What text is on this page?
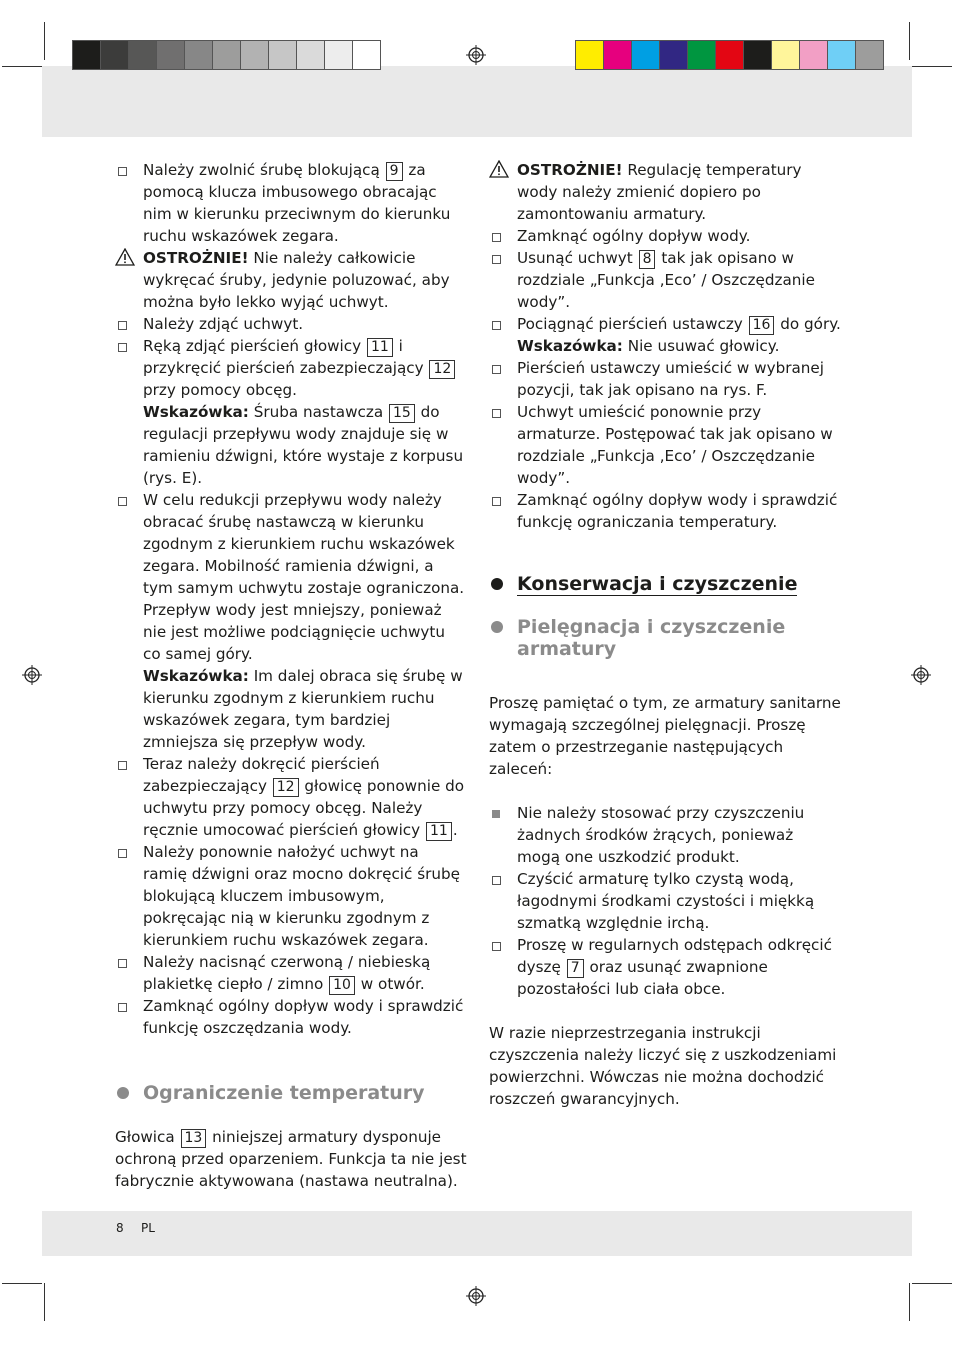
Należy zwolnić śrubę blokującą 9 za pomocą klucza imbusowego obracając nim w kierunku przeciwnym do kierunku ruchu wskazówek zegara.
OSTROŻNIE! Nie należy całkowicie wykręcać śruby, jedynie poluzować, aby można było lekko wyjąć uchwyt.
Należy zdjąć uchwyt.
Ręką zdjąć pierścień głowicy 11 i przykręcić pierścień zabezpieczający 12 przy pomocy obcęg.
Wskazówka: Śruba nastawcza 15 do regulacji przepływu wody znajduje się w ramieniu dźwigni, które wystaje z korpusu (rys. E).
W celu redukcji przepływu wody należy obracać śrubę nastawczą w kierunku zgodnym z kierunkiem ruchu wskazówek zegara. Mobilność ramienia dźwigni, a tym samym uchwytu zostaje ograniczona. Przepływ wody jest mniejszy, ponieważ nie jest możliwe podciągnięcie uchwytu co samej góry.
Wskazówka: Im dalej obraca się śrubę w kierunku zgodnym z kierunkiem ruchu wskazówek zegara, tym bardziej zmniejsza się przepływ wody.
Teraz należy dokręcić pierścień zabezpieczający 12 głowicę ponownie do uchwytu przy pomocy obcęg. Należy ręcznie umocować pierścień głowicy 11 .
Należy ponownie nałożyć uchwyt na ramię dźwigni oraz mocno dokręcić śrubę blokującą kluczem imbusowym, pokręcając nią w kierunku zgodnym z kierunkiem ruchu wskazówek zegara.
Należy nacisnąć czerwoną / niebieską plakietkę ciepło / zimno 10 w otwór.
Zamknąć ogólny dopływ wody i sprawdzić funkcję oszczędzania wody.
Ograniczenie temperatury
Głowica 13 niniejszej armatury dysponuje ochroną przed oparzeniem. Funkcja ta nie jest fabrycznie aktywowana (nastawa neutralna).
OSTROŻNIE! Regulację temperatury wody należy zmienić dopiero po zamontowaniu armatury.
Zamknąć ogólny dopływ wody.
Usunąć uchwyt 8 tak jak opisano w rozdziale „Funkcja ‚Eco’ / Oszczędzanie wody”.
Pociągnąć pierścień ustawczy 16 do góry.
Wskazówka: Nie usuwać głowicy.
Pierścień ustawczy umieścić w wybranej pozycji, tak jak opisano na rys. F.
Uchwyt umieścić ponownie przy armaturze. Postępować tak jak opisano w rozdziale „Funkcja ‚Eco’ / Oszczędzanie wody”.
Zamknąć ogólny dopływ wody i sprawdzić funkcję ograniczania temperatury.
Konserwacja i czyszczenie
Pielęgnacja i czyszczenie armatury
Proszę pamiętać o tym, ze armatury sanitarne wymagają szczególnej pielęgnacji. Proszę zatem o przestrzeganie następujących zaleceń:
Nie należy stosować przy czyszczeniu żadnych środków żrących, ponieważ mogą one uszkodzić produkt.
Czyścić armaturę tylko czystą wodą, łagodnymi środkami czystości i miękką szmatką względnie irchą.
Proszę w regularnych odstępach odkręcić dyszę 7 oraz usunąć zwapnione pozostałości lub ciała obce.
W razie nieprzestrzegania instrukcji czyszczenia należy liczyć się z uszkodzeniami powierzchni. Wówczas nie można dochodzić roszczeń gwarancyjnych.
8 PL
